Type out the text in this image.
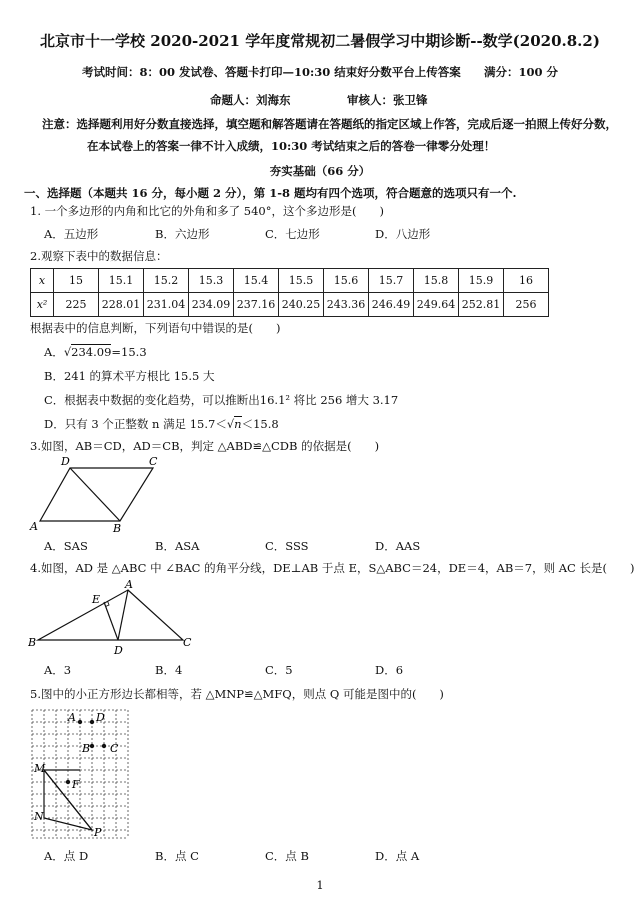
北京市十一学校 2020-2021 学年度常规初二暑假学习中期诊断--数学(2020.8.2)
考试时间：8：00 发试卷、答题卡打印—10:30 结束好分数平台上传答案 满分：100 分
命题人：刘海东	审核人：张卫锋
注意：选择题利用好分数直接选择，填空题和解答题请在答题纸的指定区域上作答，完成后逐一拍照上传好分数，
在本试卷上的答案一律不计入成绩，10:30 考试结束之后的答卷一律零分处理！
夯实基础（66 分）
一、选择题（本题共 16 分，每小题 2 分），第 1-8 题均有四个选项，符合题意的选项只有一个.
1. 一个多边形的内角和比它的外角和多了 540°，这个多边形是(　　)
A．五边形	B．六边形	C．七边形	D．八边形
2.观察下表中的数据信息：
x	15	15.1	15.2	15.3	15.4	15.5	15.6	15.7	15.8	15.9	16
x²	225	228.01	231.04	234.09	237.16	240.25	243.36	246.49	249.64	252.81	256
根据表中的信息判断，下列语句中错误的是(　　)
A．√234.09=15.3
B．241 的算术平方根比 15.5 大
C．根据表中数据的变化趋势，可以推断出16.1² 将比 256 增大 3.17
D．只有 3 个正整数 n 满足 15.7＜√n＜15.8
3.如图，AB＝CD，AD＝CB，判定 △ABD≌△CDB 的依据是(　　)
D	C
A	B
A．SAS	B．ASA	C．SSS	D．AAS
4.如图，AD 是 △ABC 中 ∠BAC 的角平分线，DE⊥AB 于点 E，S△ABC＝24，DE＝4，AB＝7，则 AC 长是(　　)
A
E
B
D
C
A．3	B．4	C．5	D．6
5.图中的小正方形边长都相等，若 △MNP≌△MFQ，则点 Q 可能是图中的(　　)
A D
B C
M
F
N
P
A．点 D	B．点 C	C．点 B	D．点 A
1
